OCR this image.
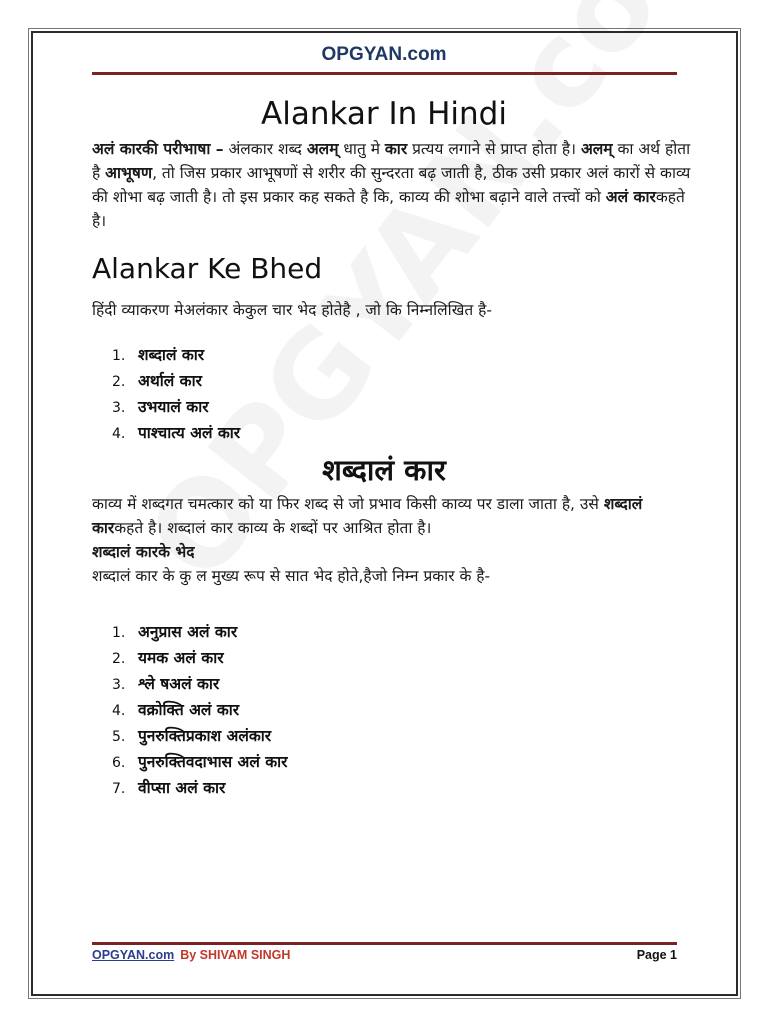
OPGYAN.com
Alankar In Hindi
अलं कारकी परीभाषा – अंलकार शब्द अलम् धातु मे कार प्रत्यय लगाने से प्राप्त होता है। अलम् का अर्थ होता है आभूषण, तो जिस प्रकार आभूषणों से शरीर की सुन्दरता बढ़ जाती है, ठीक उसी प्रकार अलं कारों से काव्य की शोभा बढ़ जाती है। तो इस प्रकार कह सकते है कि, काव्य की शोभा बढ़ाने वाले तत्त्वों को अलं कारकहते है।
Alankar Ke Bhed
हिंदी व्याकरण मेअलंकार केकुल चार भेद होतेहै , जो कि निम्नलिखित है-
1. शब्दालं कार
2. अर्थालं कार
3. उभयालं कार
4. पाश्चात्य अलं कार
शब्दालं कार
काव्य में शब्दगत चमत्कार को या फिर शब्द से जो प्रभाव किसी काव्य पर डाला जाता है, उसे शब्दालं कारकहते है। शब्दालं कार काव्य के शब्दों पर आश्रित होता है।
शब्दालं कारके भेद
शब्दालं कार के कु ल मुख्य रूप से सात भेद होते,हैजो निम्न प्रकार के है-
1. अनुप्रास अलं कार
2. यमक अलं कार
3. श्ले षअलं कार
4. वक्रोक्ति अलं कार
5. पुनरुक्तिप्रकाश अलंकार
6. पुनरुक्तिवदाभास अलं कार
7. वीप्सा अलं कार
OPGYAN.com By SHIVAM SINGH	Page 1
